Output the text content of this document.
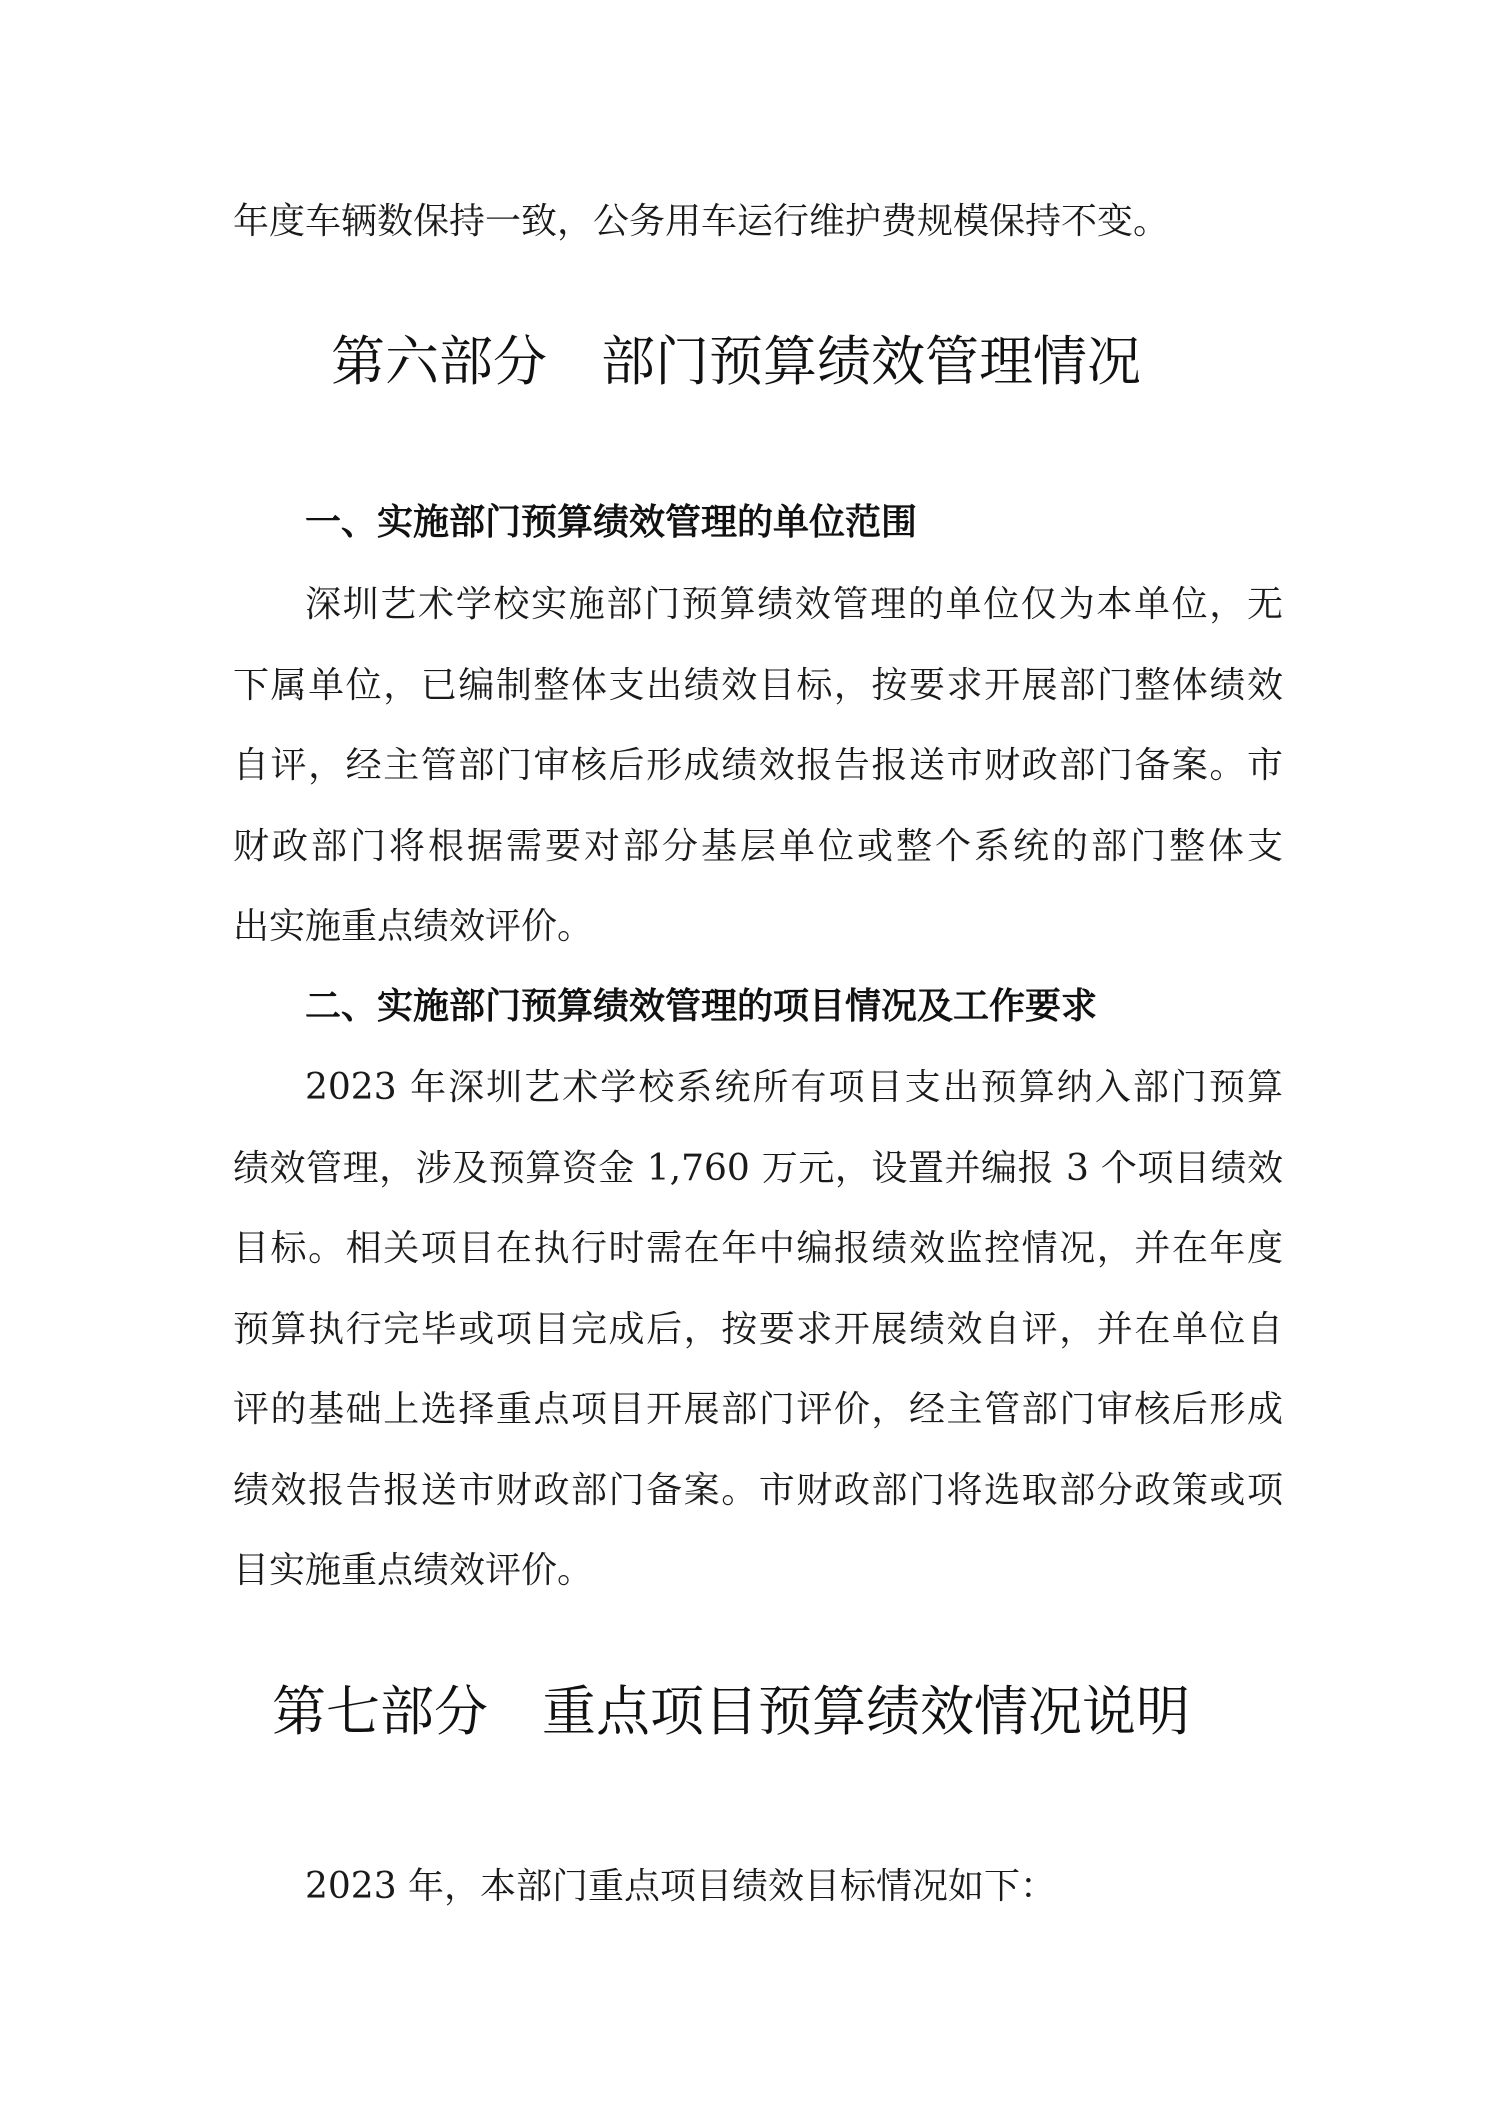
年度车辆数保持一致，公务用车运行维护费规模保持不变。
第六部分　部门预算绩效管理情况
一、实施部门预算绩效管理的单位范围
深圳艺术学校实施部门预算绩效管理的单位仅为本单位，无
下属单位，已编制整体支出绩效目标，按要求开展部门整体绩效
自评，经主管部门审核后形成绩效报告报送市财政部门备案。市
财政部门将根据需要对部分基层单位或整个系统的部门整体支
出实施重点绩效评价。
二、实施部门预算绩效管理的项目情况及工作要求
2023 年深圳艺术学校系统所有项目支出预算纳入部门预算
绩效管理，涉及预算资金 1,760 万元，设置并编报 3 个项目绩效
目标。相关项目在执行时需在年中编报绩效监控情况，并在年度
预算执行完毕或项目完成后，按要求开展绩效自评，并在单位自
评的基础上选择重点项目开展部门评价，经主管部门审核后形成
绩效报告报送市财政部门备案。市财政部门将选取部分政策或项
目实施重点绩效评价。
第七部分　重点项目预算绩效情况说明
2023 年，本部门重点项目绩效目标情况如下：
